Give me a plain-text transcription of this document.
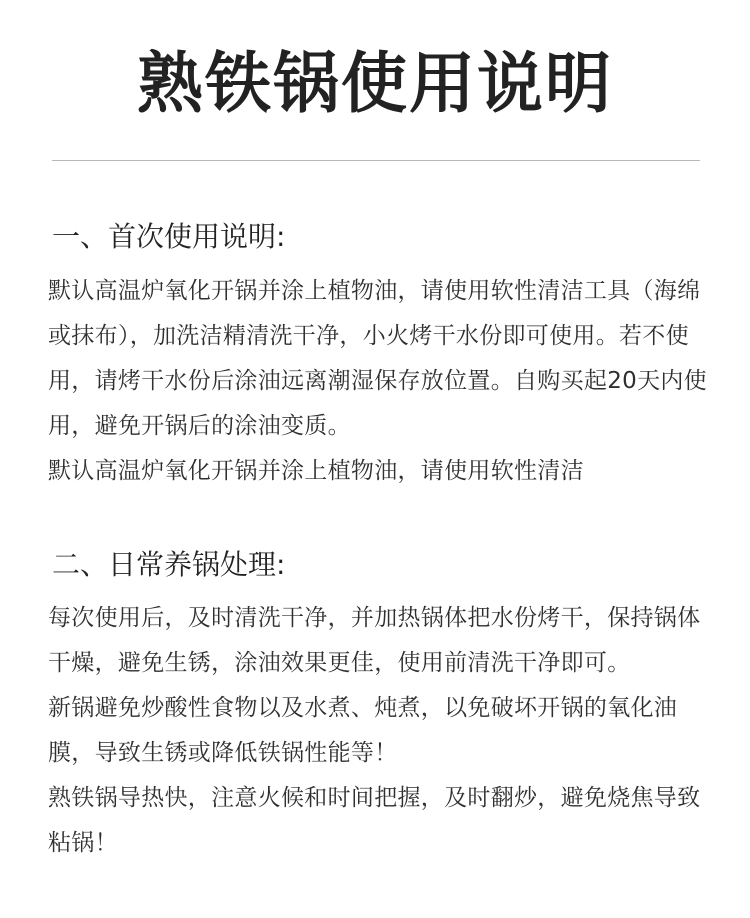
熟铁锅使用说明
一、首次使用说明:

默认高温炉氧化开锅并涂上植物油，请使用软性清洁工具（海绵或抹布），加洗洁精清洗干净，小火烤干水份即可使用。若不使用，请烤干水份后涂油远离潮湿保存放位置。自购买起20天内使用，避免开锅后的涂油变质。

默认高温炉氧化开锅并涂上植物油，请使用软性清洁

二、日常养锅处理:

每次使用后，及时清洗干净，并加热锅体把水份烤干，保持锅体干燥，避免生锈，涂油效果更佳，使用前清洗干净即可。

新锅避免炒酸性食物以及水煮、炖煮，以免破坏开锅的氧化油膜，导致生锈或降低铁锅性能等！

熟铁锅导热快，注意火候和时间把握，及时翻炒，避免烧焦导致粘锅！
